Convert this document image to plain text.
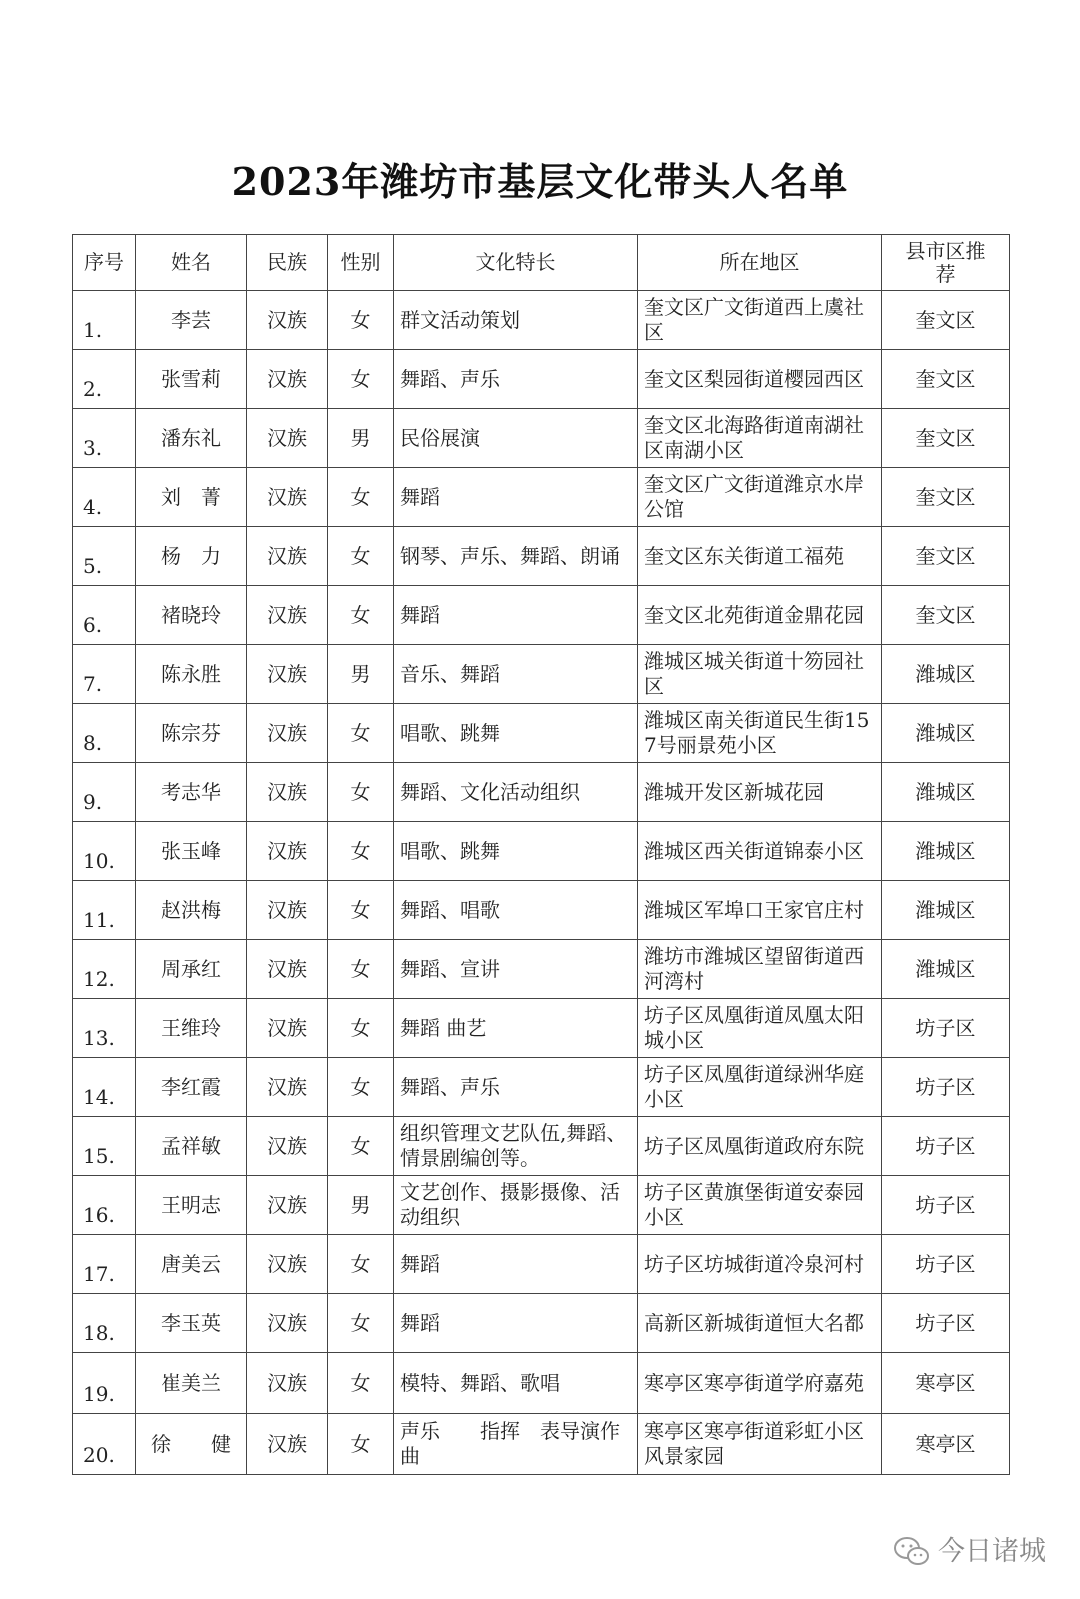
2023年潍坊市基层文化带头人名单
序号	姓名	民族	性别	文化特长	所在地区	县市区推荐
1.	李芸	汉族	女	群文活动策划	奎文区广文街道西上虞社区	奎文区
2.	张雪莉	汉族	女	舞蹈、声乐	奎文区梨园街道樱园西区	奎文区
3.	潘东礼	汉族	男	民俗展演	奎文区北海路街道南湖社区南湖小区	奎文区
4.	刘　菁	汉族	女	舞蹈	奎文区广文街道潍京水岸公馆	奎文区
5.	杨　力	汉族	女	钢琴、声乐、舞蹈、朗诵	奎文区东关街道工福苑	奎文区
6.	褚晓玲	汉族	女	舞蹈	奎文区北苑街道金鼎花园	奎文区
7.	陈永胜	汉族	男	音乐、舞蹈	潍城区城关街道十笏园社区	潍城区
8.	陈宗芬	汉族	女	唱歌、跳舞	潍城区南关街道民生街157号丽景苑小区	潍城区
9.	考志华	汉族	女	舞蹈、文化活动组织	潍城开发区新城花园	潍城区
10.	张玉峰	汉族	女	唱歌、跳舞	潍城区西关街道锦泰小区	潍城区
11.	赵洪梅	汉族	女	舞蹈、唱歌	潍城区军埠口王家官庄村	潍城区
12.	周承红	汉族	女	舞蹈、宣讲	潍坊市潍城区望留街道西河湾村	潍城区
13.	王维玲	汉族	女	舞蹈 曲艺	坊子区凤凰街道凤凰太阳城小区	坊子区
14.	李红霞	汉族	女	舞蹈、声乐	坊子区凤凰街道绿洲华庭小区	坊子区
15.	孟祥敏	汉族	女	组织管理文艺队伍,舞蹈、情景剧编创等。	坊子区凤凰街道政府东院	坊子区
16.	王明志	汉族	男	文艺创作、摄影摄像、活动组织	坊子区黄旗堡街道安泰园小区	坊子区
17.	唐美云	汉族	女	舞蹈	坊子区坊城街道冷泉河村	坊子区
18.	李玉英	汉族	女	舞蹈	高新区新城街道恒大名都	坊子区
19.	崔美兰	汉族	女	模特、舞蹈、歌唱	寒亭区寒亭街道学府嘉苑	寒亭区
20.	徐　　健	汉族	女	声乐　　指挥　表导演作曲	寒亭区寒亭街道彩虹小区风景家园	寒亭区
今日诸城
